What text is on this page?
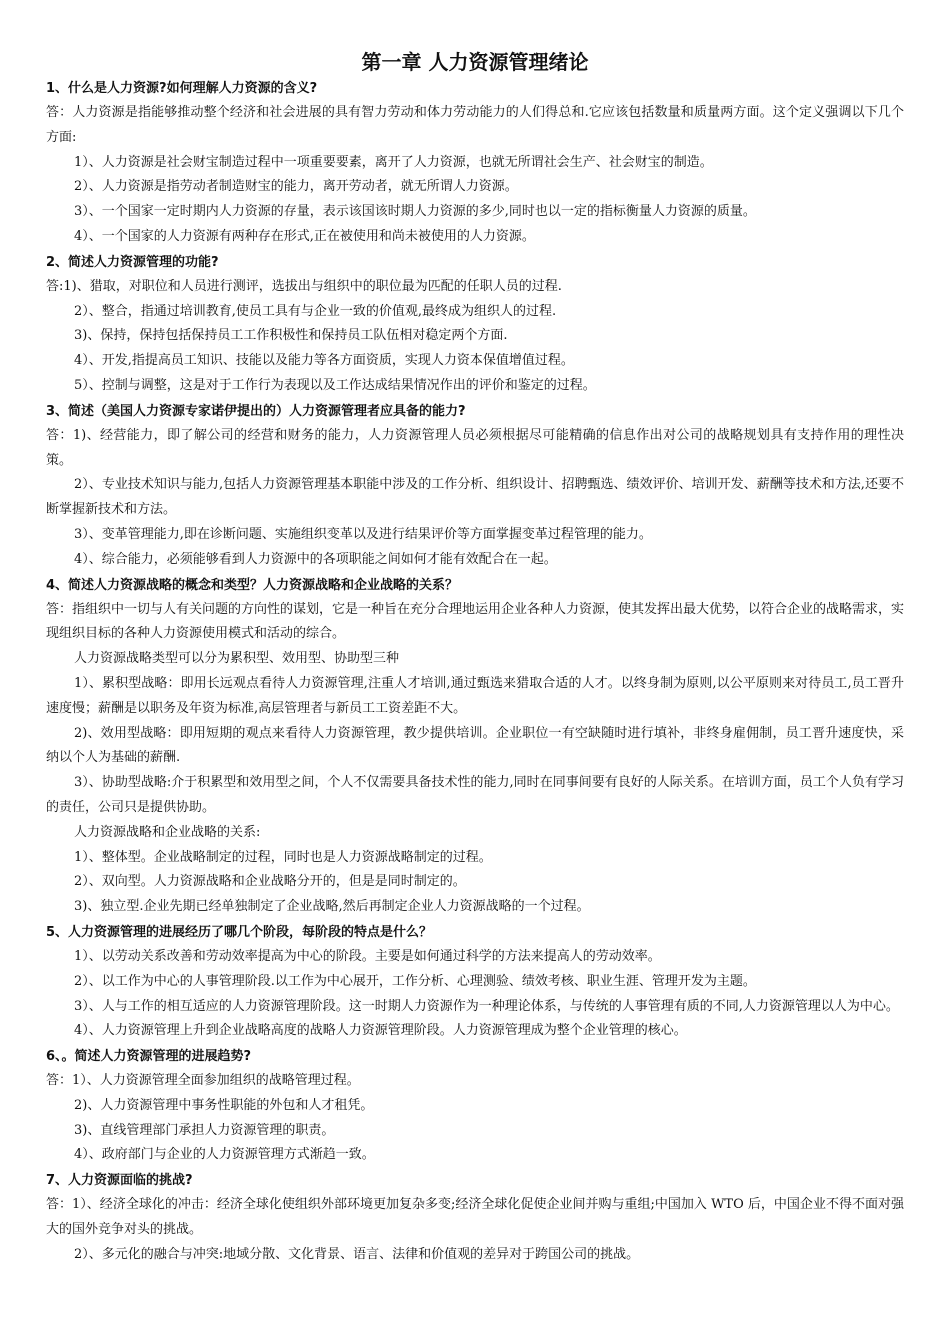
第一章 人力资源管理绪论
1、什么是人力资源?如何理解人力资源的含义?
答：人力资源是指能够推动整个经济和社会进展的具有智力劳动和体力劳动能力的人们得总和.它应该包括数量和质量两方面。这个定义强调以下几个方面:
1）、人力资源是社会财宝制造过程中一项重要要素，离开了人力资源，也就无所谓社会生产、社会财宝的制造。
2）、人力资源是指劳动者制造财宝的能力，离开劳动者，就无所谓人力资源。
3）、一个国家一定时期内人力资源的存量，表示该国该时期人力资源的多少,同时也以一定的指标衡量人力资源的质量。
4）、一个国家的人力资源有两种存在形式,正在被使用和尚未被使用的人力资源。
2、简述人力资源管理的功能?
答:1)、猎取，对职位和人员进行测评，选拔出与组织中的职位最为匹配的任职人员的过程.
2）、整合，指通过培训教育,使员工具有与企业一致的价值观,最终成为组织人的过程.
3)、保持，保持包括保持员工工作积极性和保持员工队伍相对稳定两个方面.
4）、开发,指提高员工知识、技能以及能力等各方面资质，实现人力资本保值增值过程。
5）、控制与调整，这是对于工作行为表现以及工作达成结果情况作出的评价和鉴定的过程。
3、简述（美国人力资源专家诺伊提出的）人力资源管理者应具备的能力?
答：1)、经营能力，即了解公司的经营和财务的能力，人力资源管理人员必须根据尽可能精确的信息作出对公司的战略规划具有支持作用的理性决策。
2）、专业技术知识与能力,包括人力资源管理基本职能中涉及的工作分析、组织设计、招聘甄选、绩效评价、培训开发、薪酬等技术和方法,还要不断掌握新技术和方法。
3）、变革管理能力,即在诊断问题、实施组织变革以及进行结果评价等方面掌握变革过程管理的能力。
4）、综合能力，必须能够看到人力资源中的各项职能之间如何才能有效配合在一起。
4、简述人力资源战略的概念和类型？人力资源战略和企业战略的关系？
答：指组织中一切与人有关问题的方向性的谋划，它是一种旨在充分合理地运用企业各种人力资源，使其发挥出最大优势，以符合企业的战略需求，实现组织目标的各种人力资源使用模式和活动的综合。
人力资源战略类型可以分为累积型、效用型、协助型三种
1）、累积型战略：即用长远观点看待人力资源管理,注重人才培训,通过甄选来猎取合适的人才。以终身制为原则,以公平原则来对待员工,员工晋升速度慢；薪酬是以职务及年资为标准,高层管理者与新员工工资差距不大。
2)、效用型战略：即用短期的观点来看待人力资源管理，教少提供培训。企业职位一有空缺随时进行填补，非终身雇佣制，员工晋升速度快，采纳以个人为基础的薪酬.
3）、协助型战略:介于积累型和效用型之间，个人不仅需要具备技术性的能力,同时在同事间要有良好的人际关系。在培训方面，员工个人负有学习的责任，公司只是提供协助。
人力资源战略和企业战略的关系:
1）、整体型。企业战略制定的过程，同时也是人力资源战略制定的过程。
2）、双向型。人力资源战略和企业战略分开的，但是是同时制定的。
3)、独立型.企业先期已经单独制定了企业战略,然后再制定企业人力资源战略的一个过程。
5、人力资源管理的进展经历了哪几个阶段，每阶段的特点是什么？
1）、以劳动关系改善和劳动效率提高为中心的阶段。主要是如何通过科学的方法来提高人的劳动效率。
2）、以工作为中心的人事管理阶段.以工作为中心展开，工作分析、心理测验、绩效考核、职业生涯、管理开发为主题。
3）、人与工作的相互适应的人力资源管理阶段。这一时期人力资源作为一种理论体系，与传统的人事管理有质的不同,人力资源管理以人为中心。
4）、人力资源管理上升到企业战略高度的战略人力资源管理阶段。人力资源管理成为整个企业管理的核心。
6、。简述人力资源管理的进展趋势?
答：1）、人力资源管理全面参加组织的战略管理过程。
2)、人力资源管理中事务性职能的外包和人才租凭。
3)、直线管理部门承担人力资源管理的职责。
4）、政府部门与企业的人力资源管理方式渐趋一致。
7、人力资源面临的挑战?
答：1）、经济全球化的冲击：经济全球化使组织外部环境更加复杂多变;经济全球化促使企业间并购与重组;中国加入 WTO 后，中国企业不得不面对强大的国外竞争对头的挑战。
2）、多元化的融合与冲突:地域分散、文化背景、语言、法律和价值观的差异对于跨国公司的挑战。
